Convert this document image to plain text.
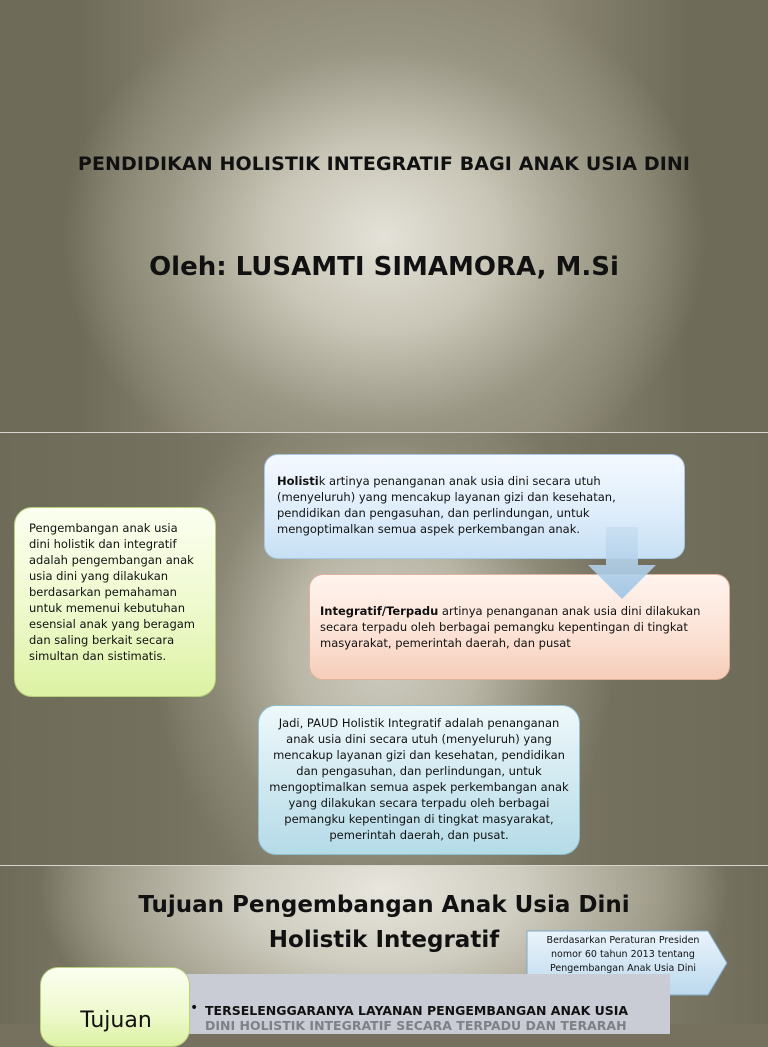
PENDIDIKAN HOLISTIK INTEGRATIF BAGI ANAK USIA DINI
Oleh: LUSAMTI SIMAMORA, M.Si

Pengembangan anak usia

dini holistik dan integratif

adalah pengembangan anak

usia dini yang dilakukan

berdasarkan pemahaman

untuk memenui kebutuhan

esensial anak yang beragam

dan saling berkait secara

simultan dan sistimatis.

Holistik artinya penanganan anak usia dini secara utuh
(menyeluruh) yang mencakup layanan gizi dan kesehatan,
pendidikan dan pengasuhan, dan perlindungan, untuk
mengoptimalkan semua aspek perkembangan anak.
Integratif/Terpadu artinya penanganan anak usia dini dilakukan
secara terpadu oleh berbagai pemangku kepentingan di tingkat
masyarakat, pemerintah daerah, dan pusat

Jadi, PAUD Holistik Integratif adalah penanganan

anak usia dini secara utuh (menyeluruh) yang

mencakup layanan gizi dan kesehatan, pendidikan

dan pengasuhan, dan perlindungan, untuk

mengoptimalkan semua aspek perkembangan anak

yang dilakukan secara terpadu oleh berbagai

pemangku kepentingan di tingkat masyarakat,

pemerintah daerah, dan pusat.

Tujuan Pengembangan Anak Usia Dini
Holistik Integratif	Berdasarkan Peraturan Presiden
nomor 60 tahun 2013 tentang
Pengembangan Anak Usia Dini
Tujuan	• TERSELENGGARANYA LAYANAN PENGEMBANGAN ANAK USIA
DINI HOLISTIK INTEGRATIF SECARA TERPADU DAN TERARAH
